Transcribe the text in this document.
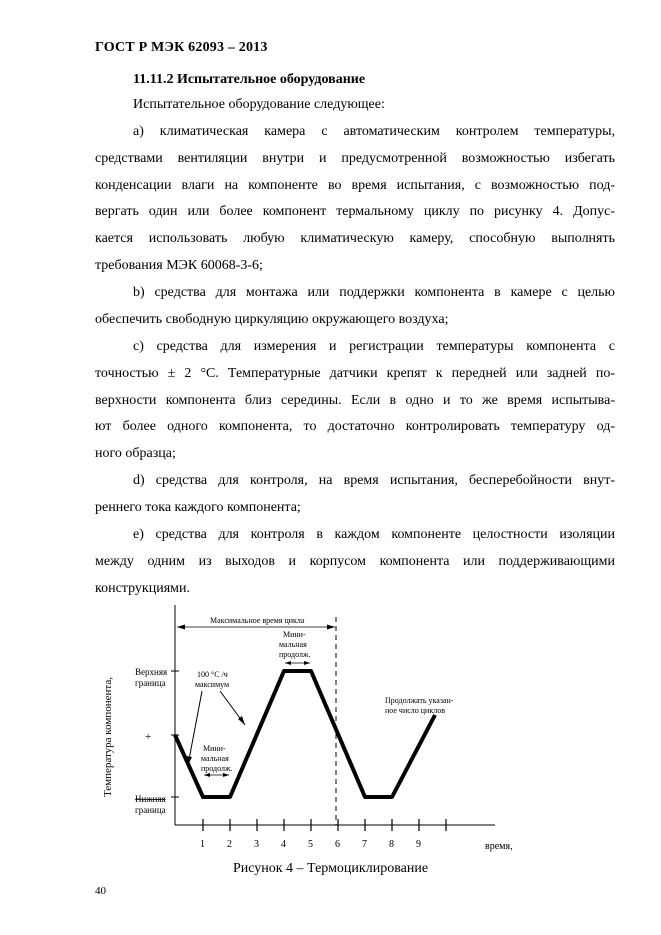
ГОСТ Р МЭК 62093 – 2013
11.11.2 Испытательное оборудование

Испытательное оборудование следующее:

а) климатическая камера с автоматическим контролем температуры,
средствами вентиляции внутри и предусмотренной возможностью избегать
конденсации влаги на компоненте во время испытания, с возможностью под-
вергать один или более компонент термальному циклу по рисунку 4. Допус-
кается использовать любую климатическую камеру, способную выполнять
требования МЭК 60068-3-6;

b) средства для монтажа или поддержки компонента в камере с целью
обеспечить свободную циркуляцию окружающего воздуха;

c) средства для измерения и регистрации температуры компонента с
точностью ± 2 °С. Температурные датчики крепят к передней или задней по-
верхности компонента близ середины. Если в одно и то же время испытыва-
ют более одного компонента, то достаточно контролировать температуру од-
ного образца;

d) средства для контроля, на время испытания, бесперебойности внут-
реннего тока каждого компонента;

e) средства для контроля в каждом компоненте целостности изоляции
между одним из выходов и корпусом компонента или поддерживающими
конструкциями.

Температура компонента,
Верхняя
граница
+
Нижняя
граница
Максимальное время цикла
Мини-
мальная
продолж.
Мини-
мальная
продолж.
100 °C /ч
максимум
Продолжать указан-
ное число циклов
1 2 3 4 5 6 7 8 9	время,
Рисунок 4 – Термоциклирование
40
